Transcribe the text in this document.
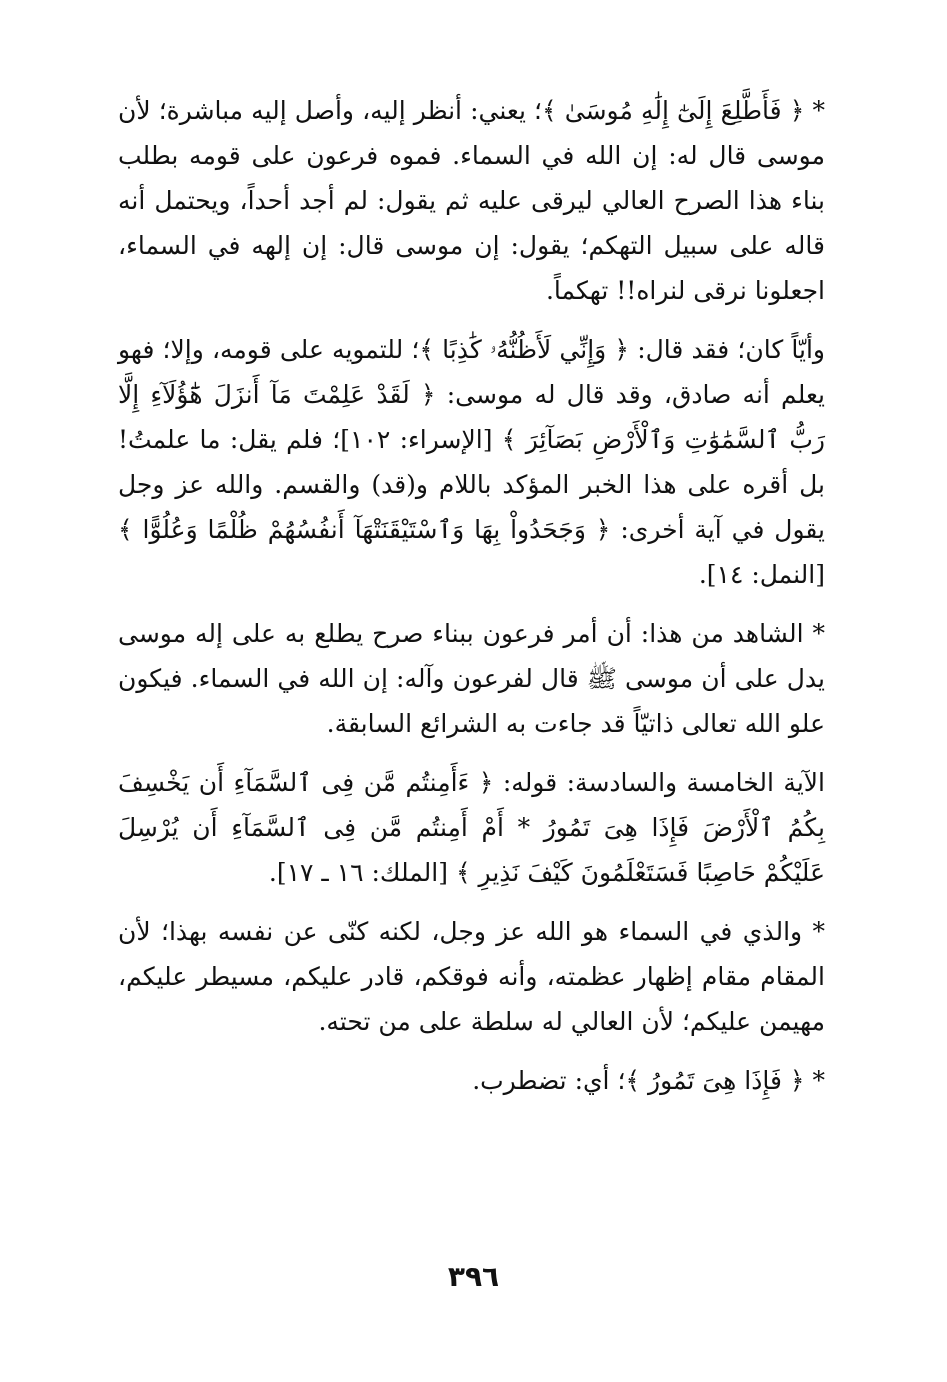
* ﴿ فَأَطَّلِعَ إِلَىٰٓ إِلَٰهِ مُوسَىٰ ﴾؛ يعني: أنظر إليه، وأصل إليه مباشرة؛ لأن موسى قال له: إن الله في السماء. فموه فرعون على قومه بطلب بناء هذا الصرح العالي ليرقى عليه ثم يقول: لم أجد أحداً، ويحتمل أنه قاله على سبيل التهكم؛ يقول: إن موسى قال: إن إلهه في السماء، اجعلونا نرقى لنراه!! تهكماً.

وأيّاً كان؛ فقد قال: ﴿ وَإِنِّي لَأَظُنُّهُۥ كَٰذِبًا ﴾؛ للتمويه على قومه، وإلا؛ فهو يعلم أنه صادق، وقد قال له موسى: ﴿ لَقَدْ عَلِمْتَ مَآ أَنزَلَ هَٰٓؤُلَآءِ إِلَّا رَبُّ ٱلسَّمَٰوَٰتِ وَٱلْأَرْضِ بَصَآئِرَ ﴾ [الإسراء: ١٠٢]؛ فلم يقل: ما علمتُ! بل أقره على هذا الخبر المؤكد باللام و(قد) والقسم. والله عز وجل يقول في آية أخرى: ﴿ وَجَحَدُواْ بِهَا وَٱسْتَيْقَنَتْهَآ أَنفُسُهُمْ ظُلْمًا وَعُلُوًّا ﴾ [النمل: ١٤].

* الشاهد من هذا: أن أمر فرعون ببناء صرح يطلع به على إله موسى يدل على أن موسى ﷺ قال لفرعون وآله: إن الله في السماء. فيكون علو الله تعالى ذاتيّاً قد جاءت به الشرائع السابقة.

الآية الخامسة والسادسة: قوله: ﴿ ءَأَمِنتُم مَّن فِى ٱلسَّمَآءِ أَن يَخْسِفَ بِكُمُ ٱلْأَرْضَ فَإِذَا هِىَ تَمُورُ * أَمْ أَمِنتُم مَّن فِى ٱلسَّمَآءِ أَن يُرْسِلَ عَلَيْكُمْ حَاصِبًا فَسَتَعْلَمُونَ كَيْفَ نَذِيرِ ﴾ [الملك: ١٦ ـ ١٧].

* والذي في السماء هو الله عز وجل، لكنه كنّى عن نفسه بهذا؛ لأن المقام مقام إظهار عظمته، وأنه فوقكم، قادر عليكم، مسيطر عليكم، مهيمن عليكم؛ لأن العالي له سلطة على من تحته.

* ﴿ فَإِذَا هِىَ تَمُورُ ﴾؛ أي: تضطرب.

٣٩٦
